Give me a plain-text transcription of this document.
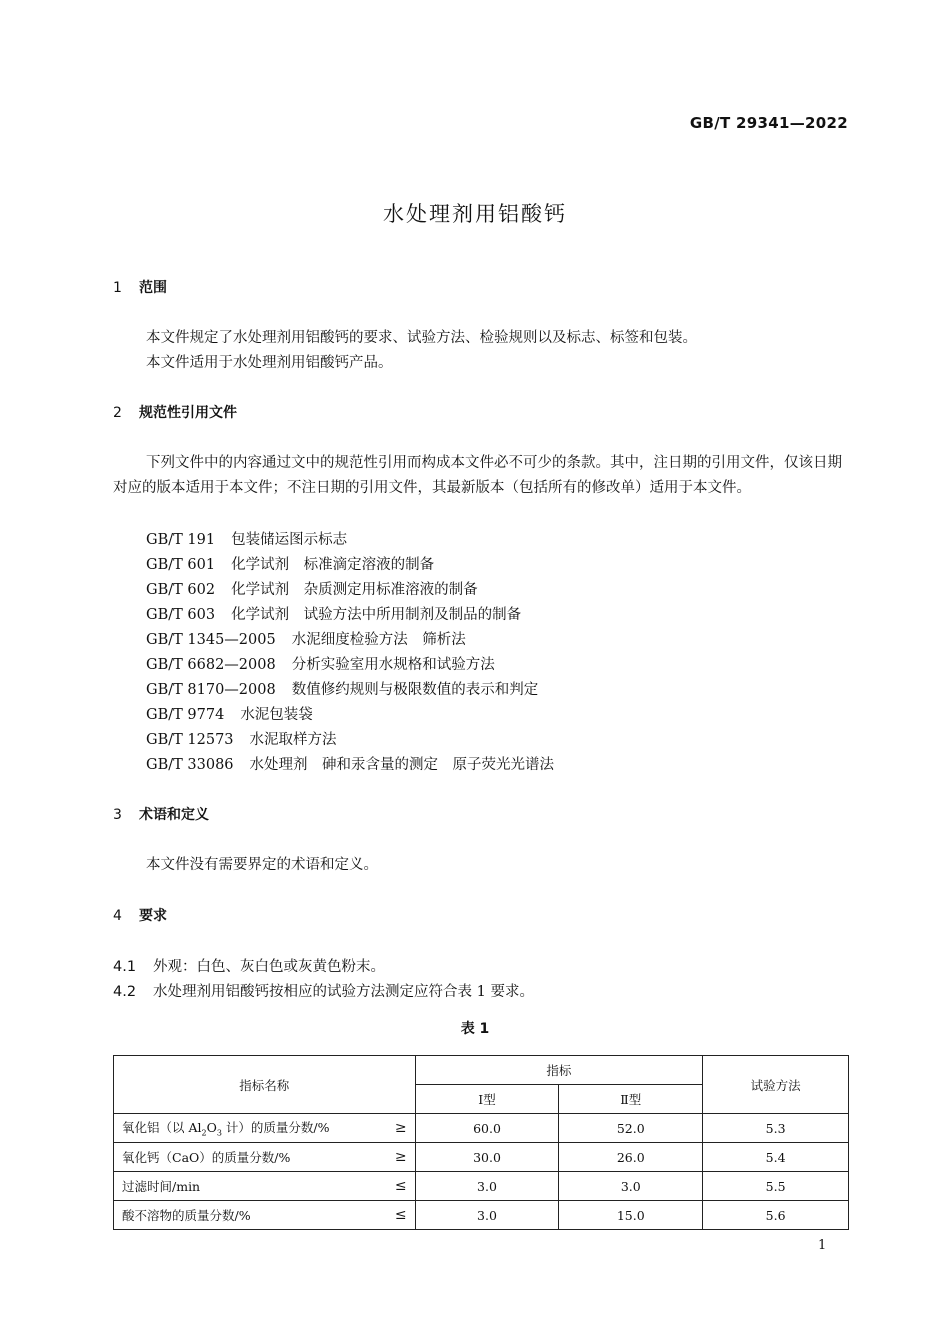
GB/T 29341—2022
水处理剂用铝酸钙
1 范围
本文件规定了水处理剂用铝酸钙的要求、试验方法、检验规则以及标志、标签和包装。
本文件适用于水处理剂用铝酸钙产品。
2 规范性引用文件
下列文件中的内容通过文中的规范性引用而构成本文件必不可少的条款。其中，注日期的引用文件，仅该日期对应的版本适用于本文件；不注日期的引用文件，其最新版本（包括所有的修改单）适用于本文件。
GB/T 191 包装储运图示标志
GB/T 601 化学试剂　标准滴定溶液的制备
GB/T 602 化学试剂　杂质测定用标准溶液的制备
GB/T 603 化学试剂　试验方法中所用制剂及制品的制备
GB/T 1345—2005 水泥细度检验方法　筛析法
GB/T 6682—2008 分析实验室用水规格和试验方法
GB/T 8170—2008 数值修约规则与极限数值的表示和判定
GB/T 9774 水泥包装袋
GB/T 12573 水泥取样方法
GB/T 33086 水处理剂　砷和汞含量的测定　原子荧光光谱法
3 术语和定义
本文件没有需要界定的术语和定义。
4 要求
4.1 外观：白色、灰白色或灰黄色粉末。
4.2 水处理剂用铝酸钙按相应的试验方法测定应符合表 1 要求。
表 1
指标名称	指标		试验方法
	Ⅰ型	Ⅱ型	
氧化铝（以 $Al_2O_3$ 计）的质量分数/% ≥	60.0	52.0	5.3
氧化钙（CaO）的质量分数/% ≥	30.0	26.0	5.4
过滤时间/min ≤	3.0	3.0	5.5
酸不溶物的质量分数/% ≤	3.0	15.0	5.6
1
